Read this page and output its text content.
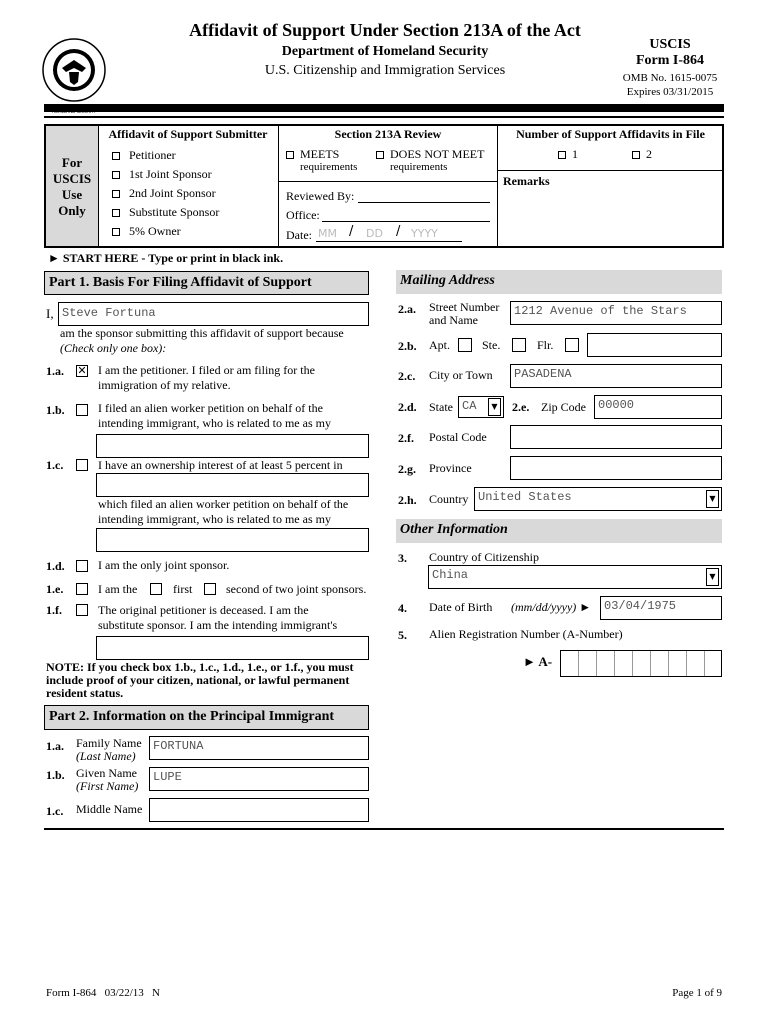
Affidavit of Support Under Section 213A of the Act
Department of Homeland Security
U.S. Citizenship and Immigration Services
USCIS
Form I-864
OMB No. 1615-0075
Expires 03/31/2015
For
USCIS
Use
Only
Affidavit of Support Submitter
Petitioner
1st Joint Sponsor
2nd Joint Sponsor
Substitute Sponsor
5% Owner
Section 213A Review
MEETS
requirements
DOES NOT MEET
requirements
Reviewed By:
Office:
Date: MM / DD / YYYY
Number of Support Affidavits in File
1	2
Remarks
► START HERE - Type or print in black ink.
Part 1. Basis For Filing Affidavit of Support
I, Steve Fortuna
am the sponsor submitting this affidavit of support because
(Check only one box):
1.a. ✕ I am the petitioner. I filed or am filing for the
immigration of my relative.
1.b.	I filed an alien worker petition on behalf of the
intending immigrant, who is related to me as my
1.c.	I have an ownership interest of at least 5 percent in
which filed an alien worker petition on behalf of the
intending immigrant, who is related to me as my
1.d.	I am the only joint sponsor.
1.e.	I am the	first	second of two joint sponsors.
1.f.	The original petitioner is deceased. I am the
substitute sponsor. I am the intending immigrant's
NOTE: If you check box 1.b., 1.c., 1.d., 1.e., or 1.f., you must
include proof of your citizen, national, or lawful permanent
resident status.
Part 2. Information on the Principal Immigrant
1.a. Family Name
(Last Name)
FORTUNA
1.b. Given Name
(First Name)
LUPE
1.c. Middle Name
Mailing Address
2.a. Street Number
and Name
1212 Avenue of the Stars
2.b. Apt.	Ste.	Flr.
2.c. City or Town	PASADENA
2.d. State CA	▼ 2.e. Zip Code	00000
2.f. Postal Code
2.g. Province
2.h. Country United States	▼
Other Information
3. Country of Citizenship
China	▼
4. Date of Birth (mm/dd/yyyy) ►	03/04/1975
5. Alien Registration Number (A-Number)
► A-
Form I-864   03/22/13   N	Page 1 of 9
